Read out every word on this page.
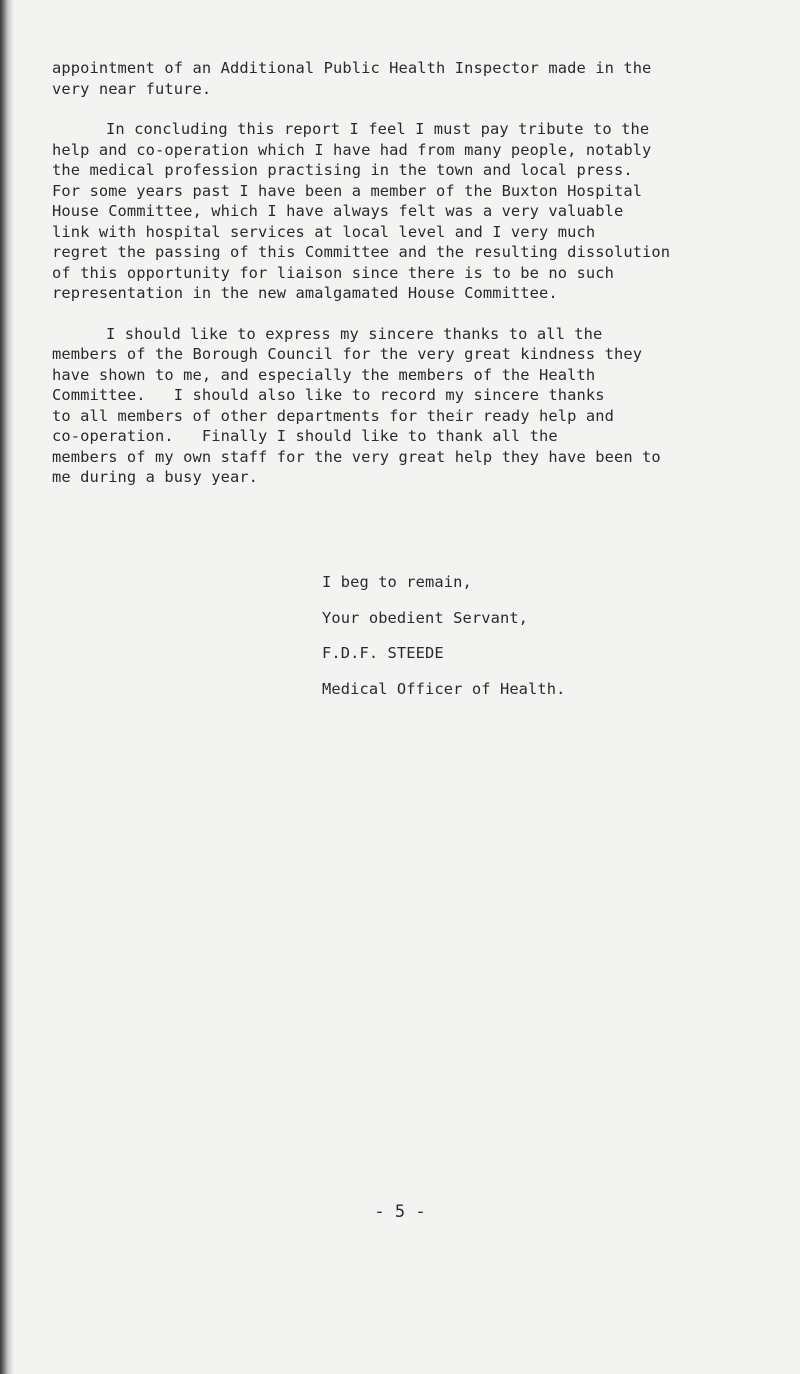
appointment of an Additional Public Health Inspector made in the
very near future.
In concluding this report I feel I must pay tribute to the
help and co-operation which I have had from many people, notably
the medical profession practising in the town and local press.
For some years past I have been a member of the Buxton Hospital
House Committee, which I have always felt was a very valuable
link with hospital services at local level and I very much
regret the passing of this Committee and the resulting dissolution
of this opportunity for liaison since there is to be no such
representation in the new amalgamated House Committee.
I should like to express my sincere thanks to all the
members of the Borough Council for the very great kindness they
have shown to me, and especially the members of the Health
Committee.   I should also like to record my sincere thanks
to all members of other departments for their ready help and
co-operation.   Finally I should like to thank all the
members of my own staff for the very great help they have been to
me during a busy year.
I beg to remain,
Your obedient Servant,
F.D.F. STEEDE
Medical Officer of Health.
- 5 -
